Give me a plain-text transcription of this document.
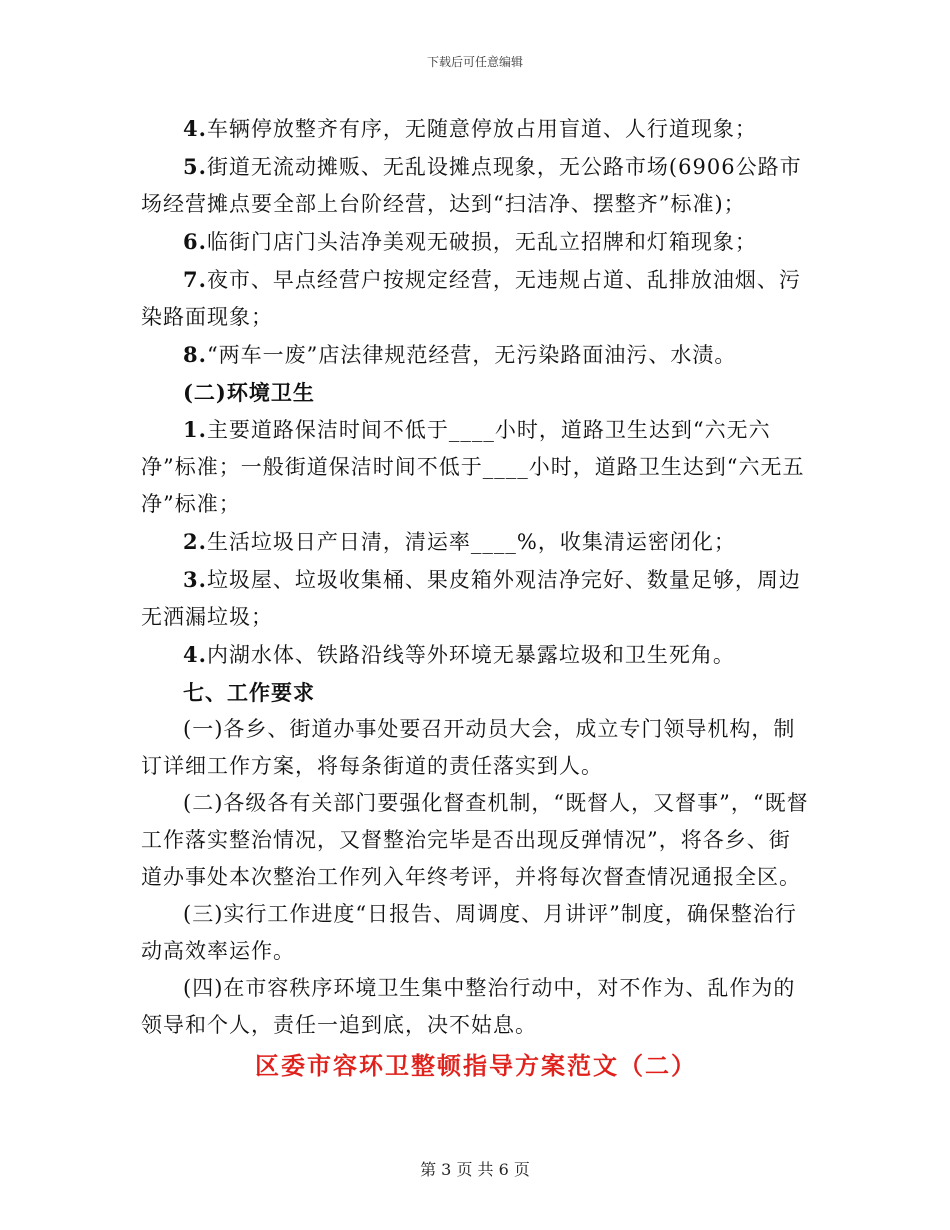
下载后可任意编辑

4.车辆停放整齐有序，无随意停放占用盲道、人行道现象；

5.街道无流动摊贩、无乱设摊点现象，无公路市场(6906公路市场经营摊点要全部上台阶经营，达到“扫洁净、摆整齐”标准)；

6.临街门店门头洁净美观无破损，无乱立招牌和灯箱现象；

7.夜市、早点经营户按规定经营，无违规占道、乱排放油烟、污染路面现象；

8.“两车一废”店法律规范经营，无污染路面油污、水渍。

(二)环境卫生

1.主要道路保洁时间不低于____小时，道路卫生达到“六无六净”标准；一般街道保洁时间不低于____小时，道路卫生达到“六无五净”标准；

2.生活垃圾日产日清，清运率____%，收集清运密闭化；

3.垃圾屋、垃圾收集桶、果皮箱外观洁净完好、数量足够，周边无洒漏垃圾；

4.内湖水体、铁路沿线等外环境无暴露垃圾和卫生死角。

七、工作要求

(一)各乡、街道办事处要召开动员大会，成立专门领导机构，制订详细工作方案，将每条街道的责任落实到人。

(二)各级各有关部门要强化督查机制，“既督人，又督事”，“既督工作落实整治情况，又督整治完毕是否出现反弹情况”，将各乡、街道办事处本次整治工作列入年终考评，并将每次督查情况通报全区。

(三)实行工作进度“日报告、周调度、月讲评”制度，确保整治行动高效率运作。

(四)在市容秩序环境卫生集中整治行动中，对不作为、乱作为的领导和个人，责任一追到底，决不姑息。

区委市容环卫整顿指导方案范文（二）
第 3 页 共 6 页
